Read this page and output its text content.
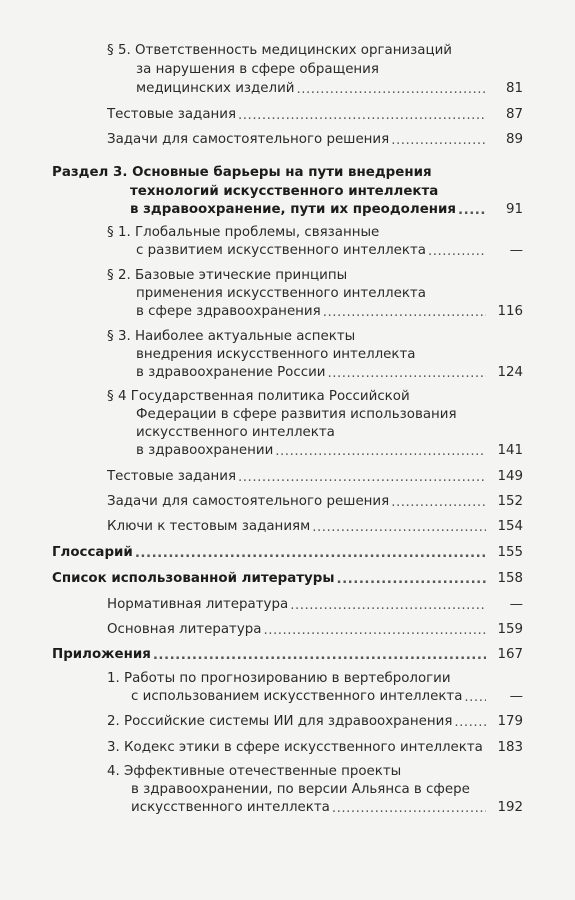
§ 5. Ответственность медицинских организаций
за нарушения в сфере обращения
медицинских изделий .....	81
Тестовые задания .....	87
Задачи для самостоятельного решения .....	89
Раздел 3. Основные барьеры на пути внедрения
технологий искусственного интеллекта
в здравоохранение, пути их преодоления .....	91
§ 1. Глобальные проблемы, связанные
с развитием искусственного интеллекта .....	—
§ 2. Базовые этические принципы
применения искусственного интеллекта
в сфере здравоохранения .....	116
§ 3. Наиболее актуальные аспекты
внедрения искусственного интеллекта
в здравоохранение России .....	124
§ 4 Государственная политика Российской
Федерации в сфере развития использования
искусственного интеллекта
в здравоохранении .....	141
Тестовые задания .....	149
Задачи для самостоятельного решения .....	152
Ключи к тестовым заданиям .....	154
Глоссарий .....	155
Список использованной литературы .....	158
Нормативная литература .....	—
Основная литература .....	159
Приложения .....	167
1. Работы по прогнозированию в вертебрологии
с использованием искусственного интеллекта .....	—
2. Российские системы ИИ для здравоохранения .....	179
3. Кодекс этики в сфере искусственного интеллекта .....	183
4. Эффективные отечественные проекты
в здравоохранении, по версии Альянса в сфере
искусственного интеллекта .....	192
